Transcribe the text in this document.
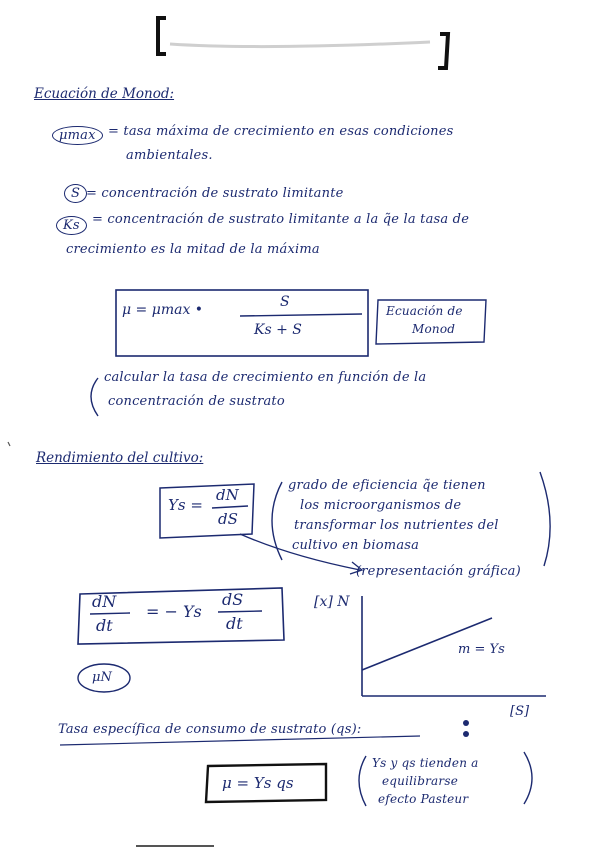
Ecuación de Monod:
μmax = tasa máxima de crecimiento en esas condiciones
ambientales.
S = concentración de sustrato limitante
Ks = concentración de sustrato limitante a la q̃e la tasa de
crecimiento es la mitad de la máxima
μ = μmax •	S
Ks + S
Ecuación de
Monod
calcular la tasa de crecimiento en función de la
concentración de sustrato
Rendimiento del cultivo:
Ys =
dN
dS
grado de eficiencia q̃e tienen
los microorganismos de
transformar los nutrientes del
cultivo en biomasa
(representación gráfica)
dN
dt
= − Ys
dS
dt
μN
[x] N
[S]
m = Ys
Tasa específica de consumo de sustrato (qs):
μ = Ys qs
Ys y qs tienden a
equilibrarse
efecto Pasteur
